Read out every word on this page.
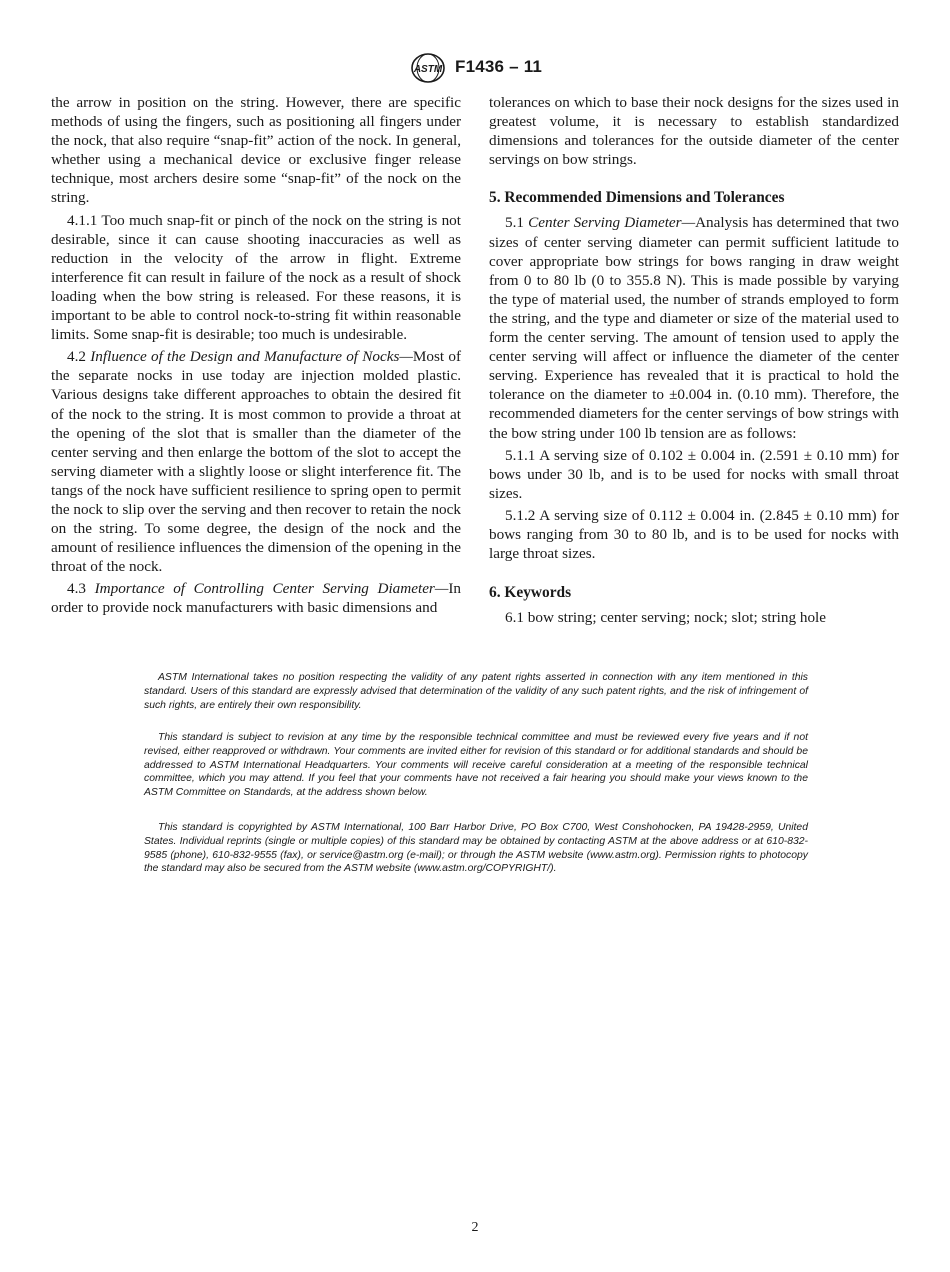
ASTM F1436 – 11

the arrow in position on the string. However, there are specific methods of using the fingers, such as positioning all fingers under the nock, that also require “snap-fit” action of the nock. In general, whether using a mechanical device or exclusive finger release technique, most archers desire some “snap-fit” of the nock on the string.

4.1.1 Too much snap-fit or pinch of the nock on the string is not desirable, since it can cause shooting inaccuracies as well as reduction in the velocity of the arrow in flight. Extreme interference fit can result in failure of the nock as a result of shock loading when the bow string is released. For these reasons, it is important to be able to control nock-to-string fit within reasonable limits. Some snap-fit is desirable; too much is undesirable.

4.2 Influence of the Design and Manufacture of Nocks—Most of the separate nocks in use today are injection molded plastic. Various designs take different approaches to obtain the desired fit of the nock to the string. It is most common to provide a throat at the opening of the slot that is smaller than the diameter of the center serving and then enlarge the bottom of the slot to accept the serving diameter with a slightly loose or slight interference fit. The tangs of the nock have sufficient resilience to spring open to permit the nock to slip over the serving and then recover to retain the nock on the string. To some degree, the design of the nock and the amount of resilience influences the dimension of the opening in the throat of the nock.

4.3 Importance of Controlling Center Serving Diameter—In order to provide nock manufacturers with basic dimensions and

tolerances on which to base their nock designs for the sizes used in greatest volume, it is necessary to establish standardized dimensions and tolerances for the outside diameter of the center servings on bow strings.

5. Recommended Dimensions and Tolerances

5.1 Center Serving Diameter—Analysis has determined that two sizes of center serving diameter can permit sufficient latitude to cover appropriate bow strings for bows ranging in draw weight from 0 to 80 lb (0 to 355.8 N). This is made possible by varying the type of material used, the number of strands employed to form the string, and the type and diameter or size of the material used to form the center serving. The amount of tension used to apply the center serving will affect or influence the diameter of the center serving. Experience has revealed that it is practical to hold the tolerance on the diameter to ±0.004 in. (0.10 mm). Therefore, the recommended diameters for the center servings of bow strings with the bow string under 100 lb tension are as follows:

5.1.1 A serving size of 0.102 ± 0.004 in. (2.591 ± 0.10 mm) for bows under 30 lb, and is to be used for nocks with small throat sizes.

5.1.2 A serving size of 0.112 ± 0.004 in. (2.845 ± 0.10 mm) for bows ranging from 30 to 80 lb, and is to be used for nocks with large throat sizes.

6. Keywords

6.1 bow string; center serving; nock; slot; string hole

ASTM International takes no position respecting the validity of any patent rights asserted in connection with any item mentioned in this standard. Users of this standard are expressly advised that determination of the validity of any such patent rights, and the risk of infringement of such rights, are entirely their own responsibility.

This standard is subject to revision at any time by the responsible technical committee and must be reviewed every five years and if not revised, either reapproved or withdrawn. Your comments are invited either for revision of this standard or for additional standards and should be addressed to ASTM International Headquarters. Your comments will receive careful consideration at a meeting of the responsible technical committee, which you may attend. If you feel that your comments have not received a fair hearing you should make your views known to the ASTM Committee on Standards, at the address shown below.

This standard is copyrighted by ASTM International, 100 Barr Harbor Drive, PO Box C700, West Conshohocken, PA 19428-2959, United States. Individual reprints (single or multiple copies) of this standard may be obtained by contacting ASTM at the above address or at 610-832-9585 (phone), 610-832-9555 (fax), or service@astm.org (e-mail); or through the ASTM website (www.astm.org). Permission rights to photocopy the standard may also be secured from the ASTM website (www.astm.org/COPYRIGHT/).

2
